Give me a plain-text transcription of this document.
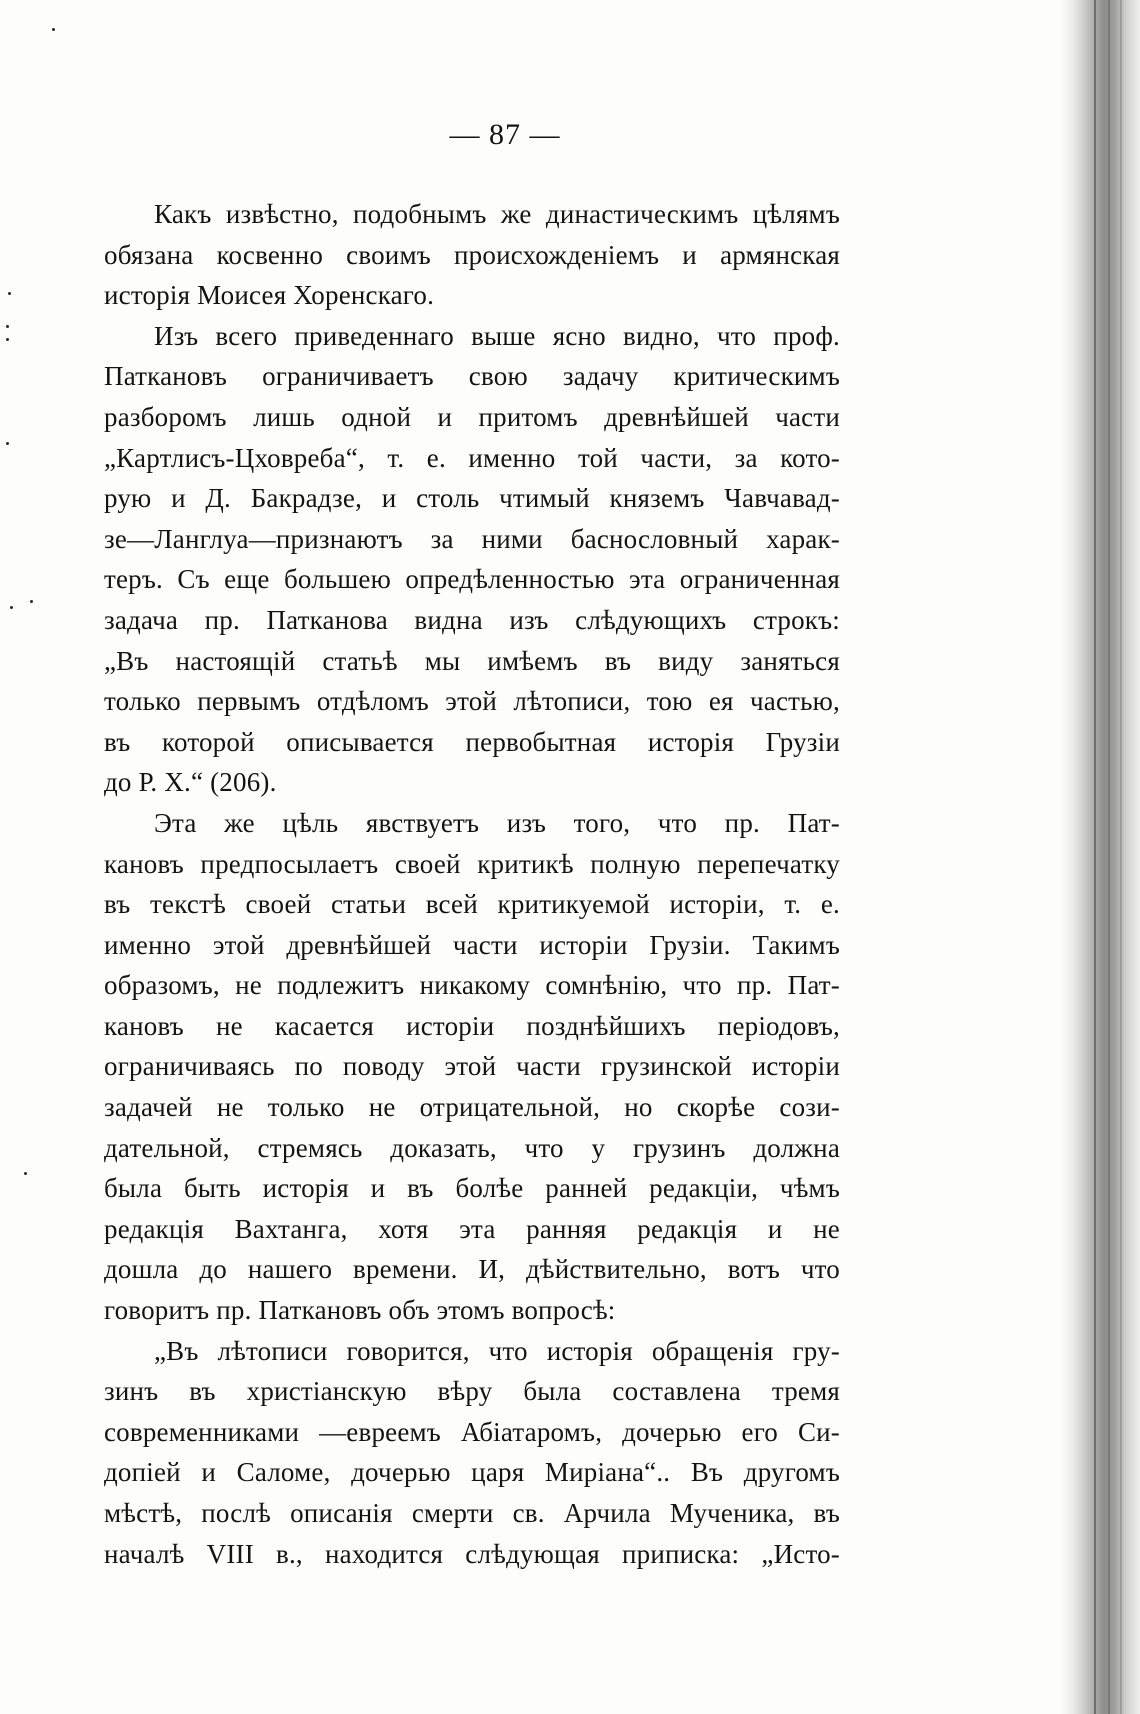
— 87 —
Какъ извѣстно, подобнымъ же династическимъ цѣлямъ
обязана косвенно своимъ происхожденіемъ и армянская
исторія Моисея Хоренскаго.
Изъ всего приведеннаго выше ясно видно, что проф.
Паткановъ ограничиваетъ свою задачу критическимъ
разборомъ лишь одной и притомъ древнѣйшей части
„Картлисъ-Цховреба“, т. е. именно той части, за кото-
рую и Д. Бакрадзе, и столь чтимый княземъ Чавчавад-
зе—Ланглуа—признаютъ за ними баснословный харак-
теръ. Съ еще большею опредѣленностью эта ограниченная
задача пр. Патканова видна изъ слѣдующихъ строкъ:
„Въ настоящій статьѣ мы имѣемъ въ виду заняться
только первымъ отдѣломъ этой лѣтописи, тою ея частью,
въ которой описывается первобытная исторія Грузіи
до Р. X.“ (206).
Эта же цѣль явствуетъ изъ того, что пр. Пат-
кановъ предпосылаетъ своей критикѣ полную перепечатку
въ текстѣ своей статьи всей критикуемой исторіи, т. е.
именно этой древнѣйшей части исторіи Грузіи. Такимъ
образомъ, не подлежитъ никакому сомнѣнію, что пр. Пат-
кановъ не касается исторіи позднѣйшихъ періодовъ,
ограничиваясь по поводу этой части грузинской исторіи
задачей не только не отрицательной, но скорѣе сози-
дательной, стремясь доказать, что у грузинъ должна
была быть исторія и въ болѣе ранней редакціи, чѣмъ
редакція Вахтанга, хотя эта ранняя редакція и не
дошла до нашего времени. И, дѣйствительно, вотъ что
говоритъ пр. Паткановъ объ этомъ вопросѣ:
„Въ лѣтописи говорится, что исторія обращенія гру-
зинъ въ христіанскую вѣру была составлена тремя
современниками —евреемъ Абіатаромъ, дочерью его Си-
допіей и Саломе, дочерью царя Миріана“.. Въ другомъ
мѣстѣ, послѣ описанія смерти св. Арчила Мученика, въ
началѣ VIII в., находится слѣдующая приписка: „Исто-
